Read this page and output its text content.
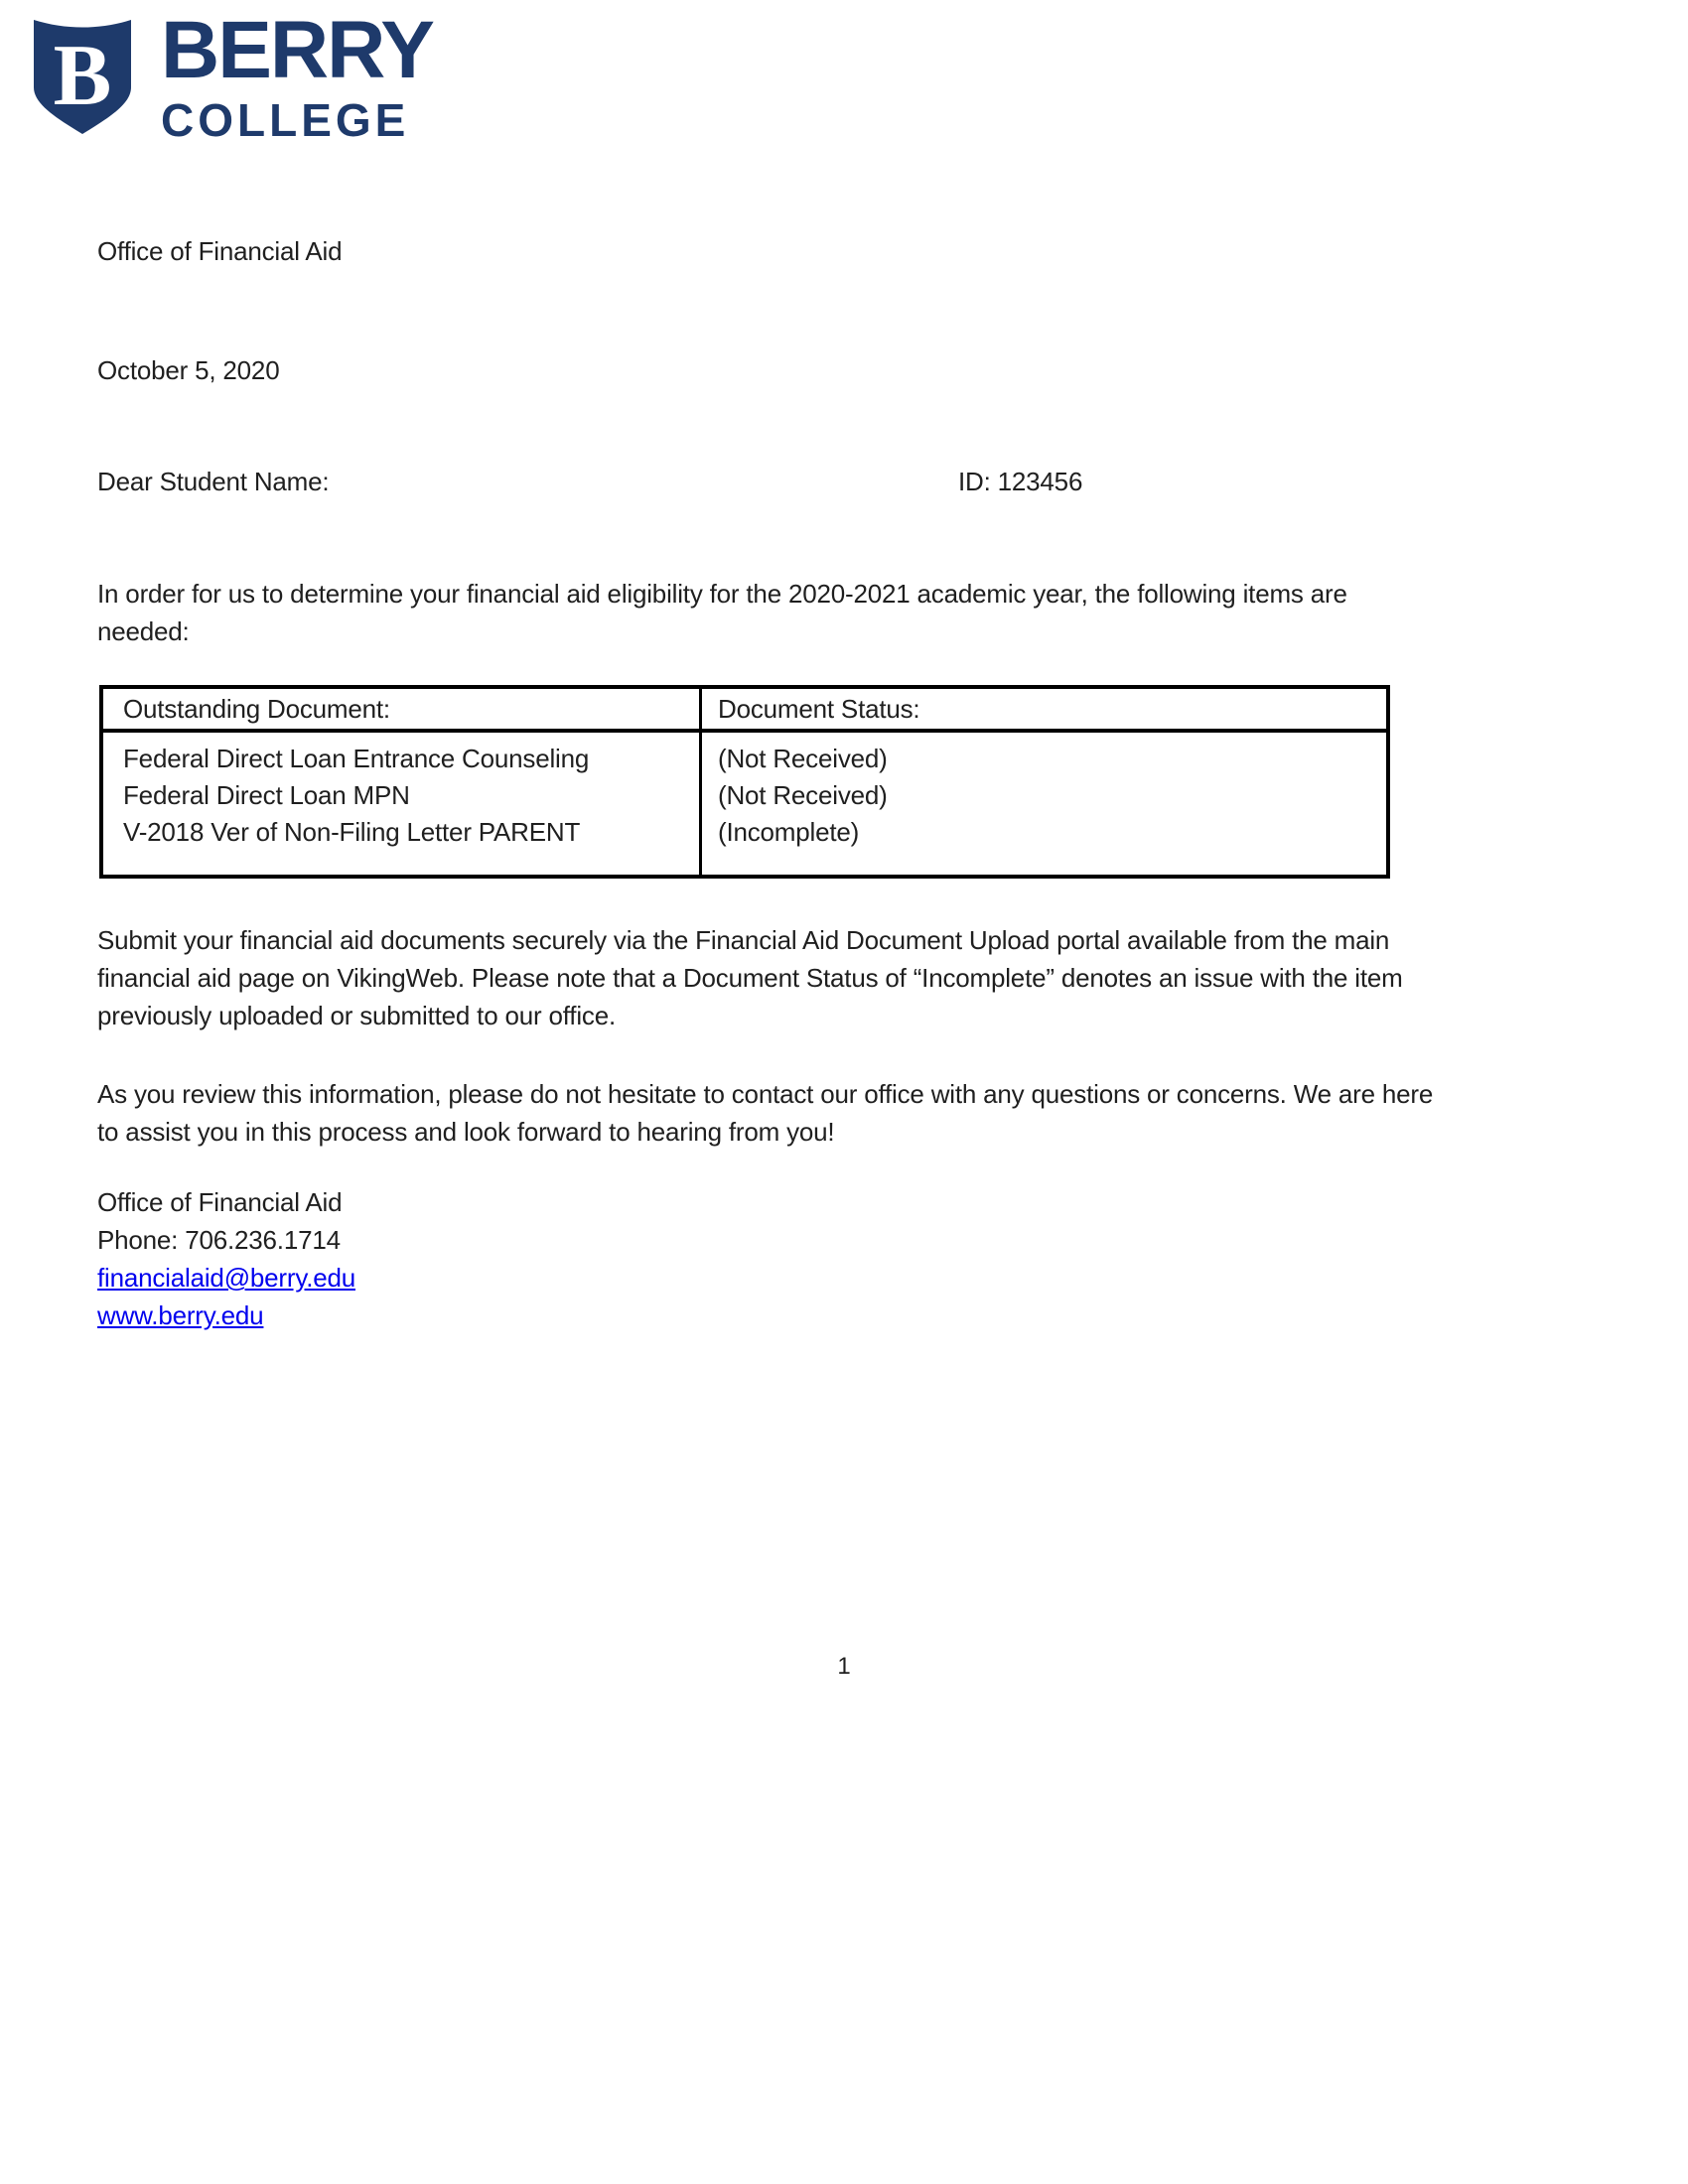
B BERRY
COLLEGE
Office of Financial Aid
October 5, 2020
Dear Student Name:	ID: 123456
In order for us to determine your financial aid eligibility for the 2020-2021 academic year, the following items are
needed:
Outstanding Document:	Document Status:
Federal Direct Loan Entrance Counseling
Federal Direct Loan MPN
V-2018 Ver of Non-Filing Letter PARENT
(Not Received)
(Not Received)
(Incomplete)
Submit your financial aid documents securely via the Financial Aid Document Upload portal available from the main
financial aid page on VikingWeb. Please note that a Document Status of “Incomplete” denotes an issue with the item
previously uploaded or submitted to our office.
As you review this information, please do not hesitate to contact our office with any questions or concerns. We are here
to assist you in this process and look forward to hearing from you!
Office of Financial Aid
Phone: 706.236.1714
financialaid@berry.edu
www.berry.edu
1
